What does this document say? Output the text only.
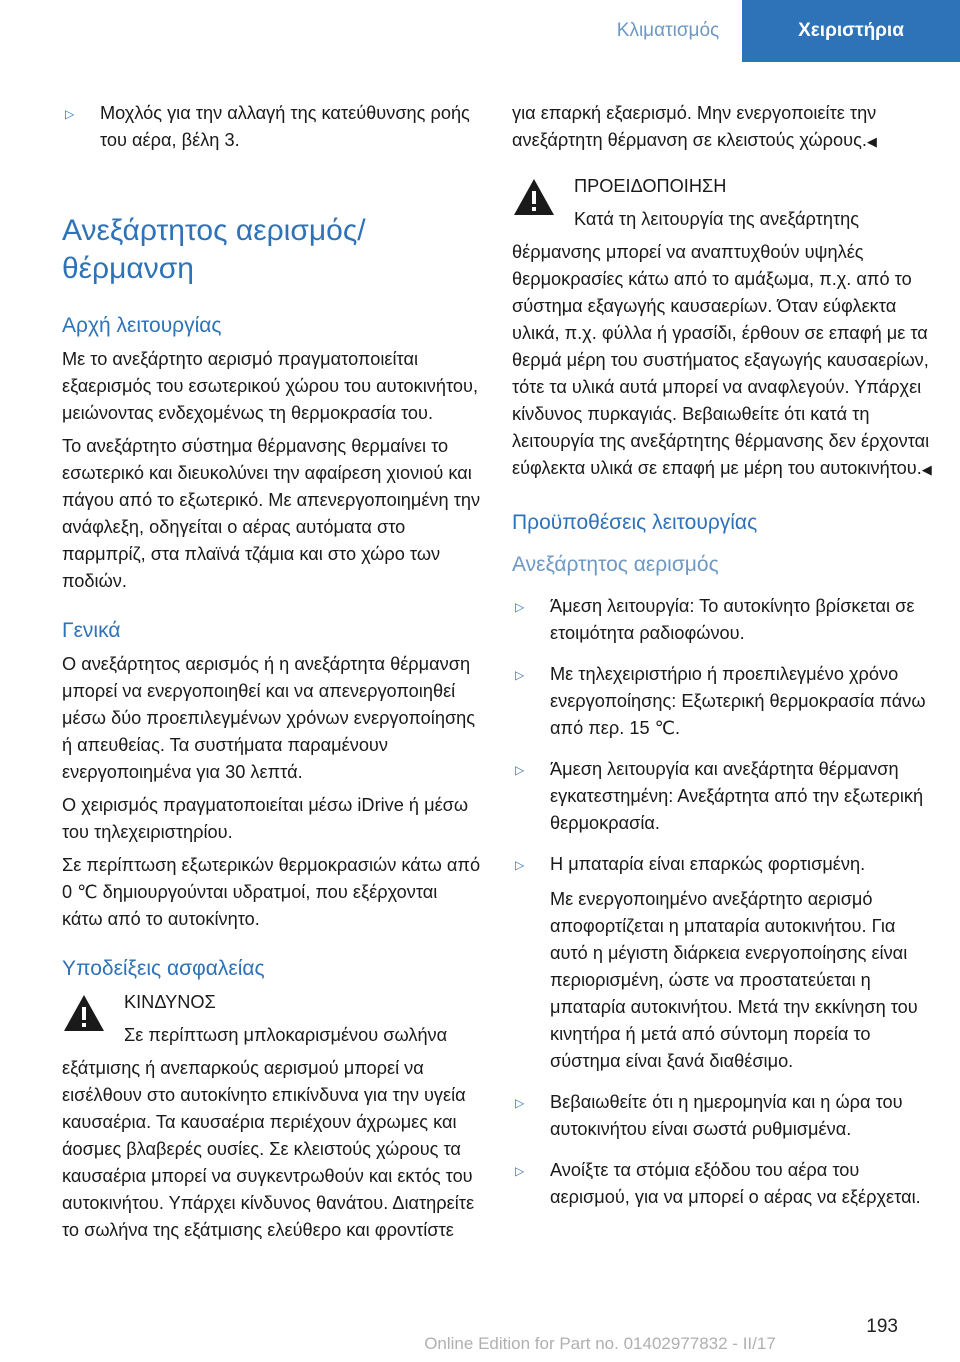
Κλιματισμός	Χειριστήρια
▷ Μοχλός για την αλλαγή της κατεύθυνσης ροής του αέρα, βέλη 3.

Ανεξάρτητος αερισμός/ θέρμανση
Αρχή λειτουργίας

Με το ανεξάρτητο αερισμό πραγματοποιείται εξαερισμός του εσωτερικού χώρου του αυτοκινήτου, μειώνοντας ενδεχομένως τη θερμοκρασία του.

Το ανεξάρτητο σύστημα θέρμανσης θερμαίνει το εσωτερικό και διευκολύνει την αφαίρεση χιονιού και πάγου από το εξωτερικό. Με απενεργοποιημένη την ανάφλεξη, οδηγείται ο αέρας αυτόματα στο παρμπρίζ, στα πλαϊνά τζάμια και στο χώρο των ποδιών.

Γενικά

Ο ανεξάρτητος αερισμός ή η ανεξάρτητα θέρμανση μπορεί να ενεργοποιηθεί και να απενεργοποιηθεί μέσω δύο προεπιλεγμένων χρόνων ενεργοποίησης ή απευθείας. Τα συστήματα παραμένουν ενεργοποιημένα για 30 λεπτά.

Ο χειρισμός πραγματοποιείται μέσω iDrive ή μέσω του τηλεχειριστηρίου.

Σε περίπτωση εξωτερικών θερμοκρασιών κάτω από 0 ℃ δημιουργούνται υδρατμοί, που εξέρχονται κάτω από το αυτοκίνητο.

Υποδείξεις ασφαλείας

ΚΙΝΔΥΝΟΣ

Σε περίπτωση μπλοκαρισμένου σωλήνα

εξάτμισης ή ανεπαρκούς αερισμού μπορεί να εισέλθουν στο αυτοκίνητο επικίνδυνα για την υγεία καυσαέρια. Τα καυσαέρια περιέχουν άχρωμες και άοσμες βλαβερές ουσίες. Σε κλειστούς χώρους τα καυσαέρια μπορεί να συγκεντρωθούν και εκτός του αυτοκινήτου. Υπάρχει κίνδυνος θανάτου. Διατηρείτε το σωλήνα της εξάτμισης ελεύθερο και φροντίστε

για επαρκή εξαερισμό. Μην ενεργοποιείτε την ανεξάρτητη θέρμανση σε κλειστούς χώρους.◀

ΠΡΟΕΙΔΟΠΟΙΗΣΗ

Κατά τη λειτουργία της ανεξάρτητης

θέρμανσης μπορεί να αναπτυχθούν υψηλές θερμοκρασίες κάτω από το αμάξωμα, π.χ. από το σύστημα εξαγωγής καυσαερίων. Όταν εύφλεκτα υλικά, π.χ. φύλλα ή γρασίδι, έρθουν σε επαφή με τα θερμά μέρη του συστήματος εξαγωγής καυσαερίων, τότε τα υλικά αυτά μπορεί να αναφλεγούν. Υπάρχει κίνδυνος πυρκαγιάς. Βεβαιωθείτε ότι κατά τη λειτουργία της ανεξάρτητης θέρμανσης δεν έρχονται εύφλεκτα υλικά σε επαφή με μέρη του αυτοκινήτου.◀

Προϋποθέσεις λειτουργίας
Ανεξάρτητος αερισμός
▷ Άμεση λειτουργία: Το αυτοκίνητο βρίσκεται σε ετοιμότητα ραδιοφώνου.

▷ Με τηλεχειριστήριο ή προεπιλεγμένο χρόνο ενεργοποίησης: Εξωτερική θερμοκρασία πάνω από περ. 15 ℃.

▷ Άμεση λειτουργία και ανεξάρτητα θέρμανση εγκατεστημένη: Ανεξάρτητα από την εξωτερική θερμοκρασία.

▷ Η μπαταρία είναι επαρκώς φορτισμένη.

Με ενεργοποιημένο ανεξάρτητο αερισμό αποφορτίζεται η μπαταρία αυτοκινήτου. Για αυτό η μέγιστη διάρκεια ενεργοποίησης είναι περιορισμένη, ώστε να προστατεύεται η μπαταρία αυτοκινήτου. Μετά την εκκίνηση του κινητήρα ή μετά από σύντομη πορεία το σύστημα είναι ξανά διαθέσιμο.

▷ Βεβαιωθείτε ότι η ημερομηνία και η ώρα του αυτοκινήτου είναι σωστά ρυθμισμένα.

▷ Ανοίξτε τα στόμια εξόδου του αέρα του αερισμού, για να μπορεί ο αέρας να εξέρχεται.

193
Online Edition for Part no. 01402977832 - II/17
